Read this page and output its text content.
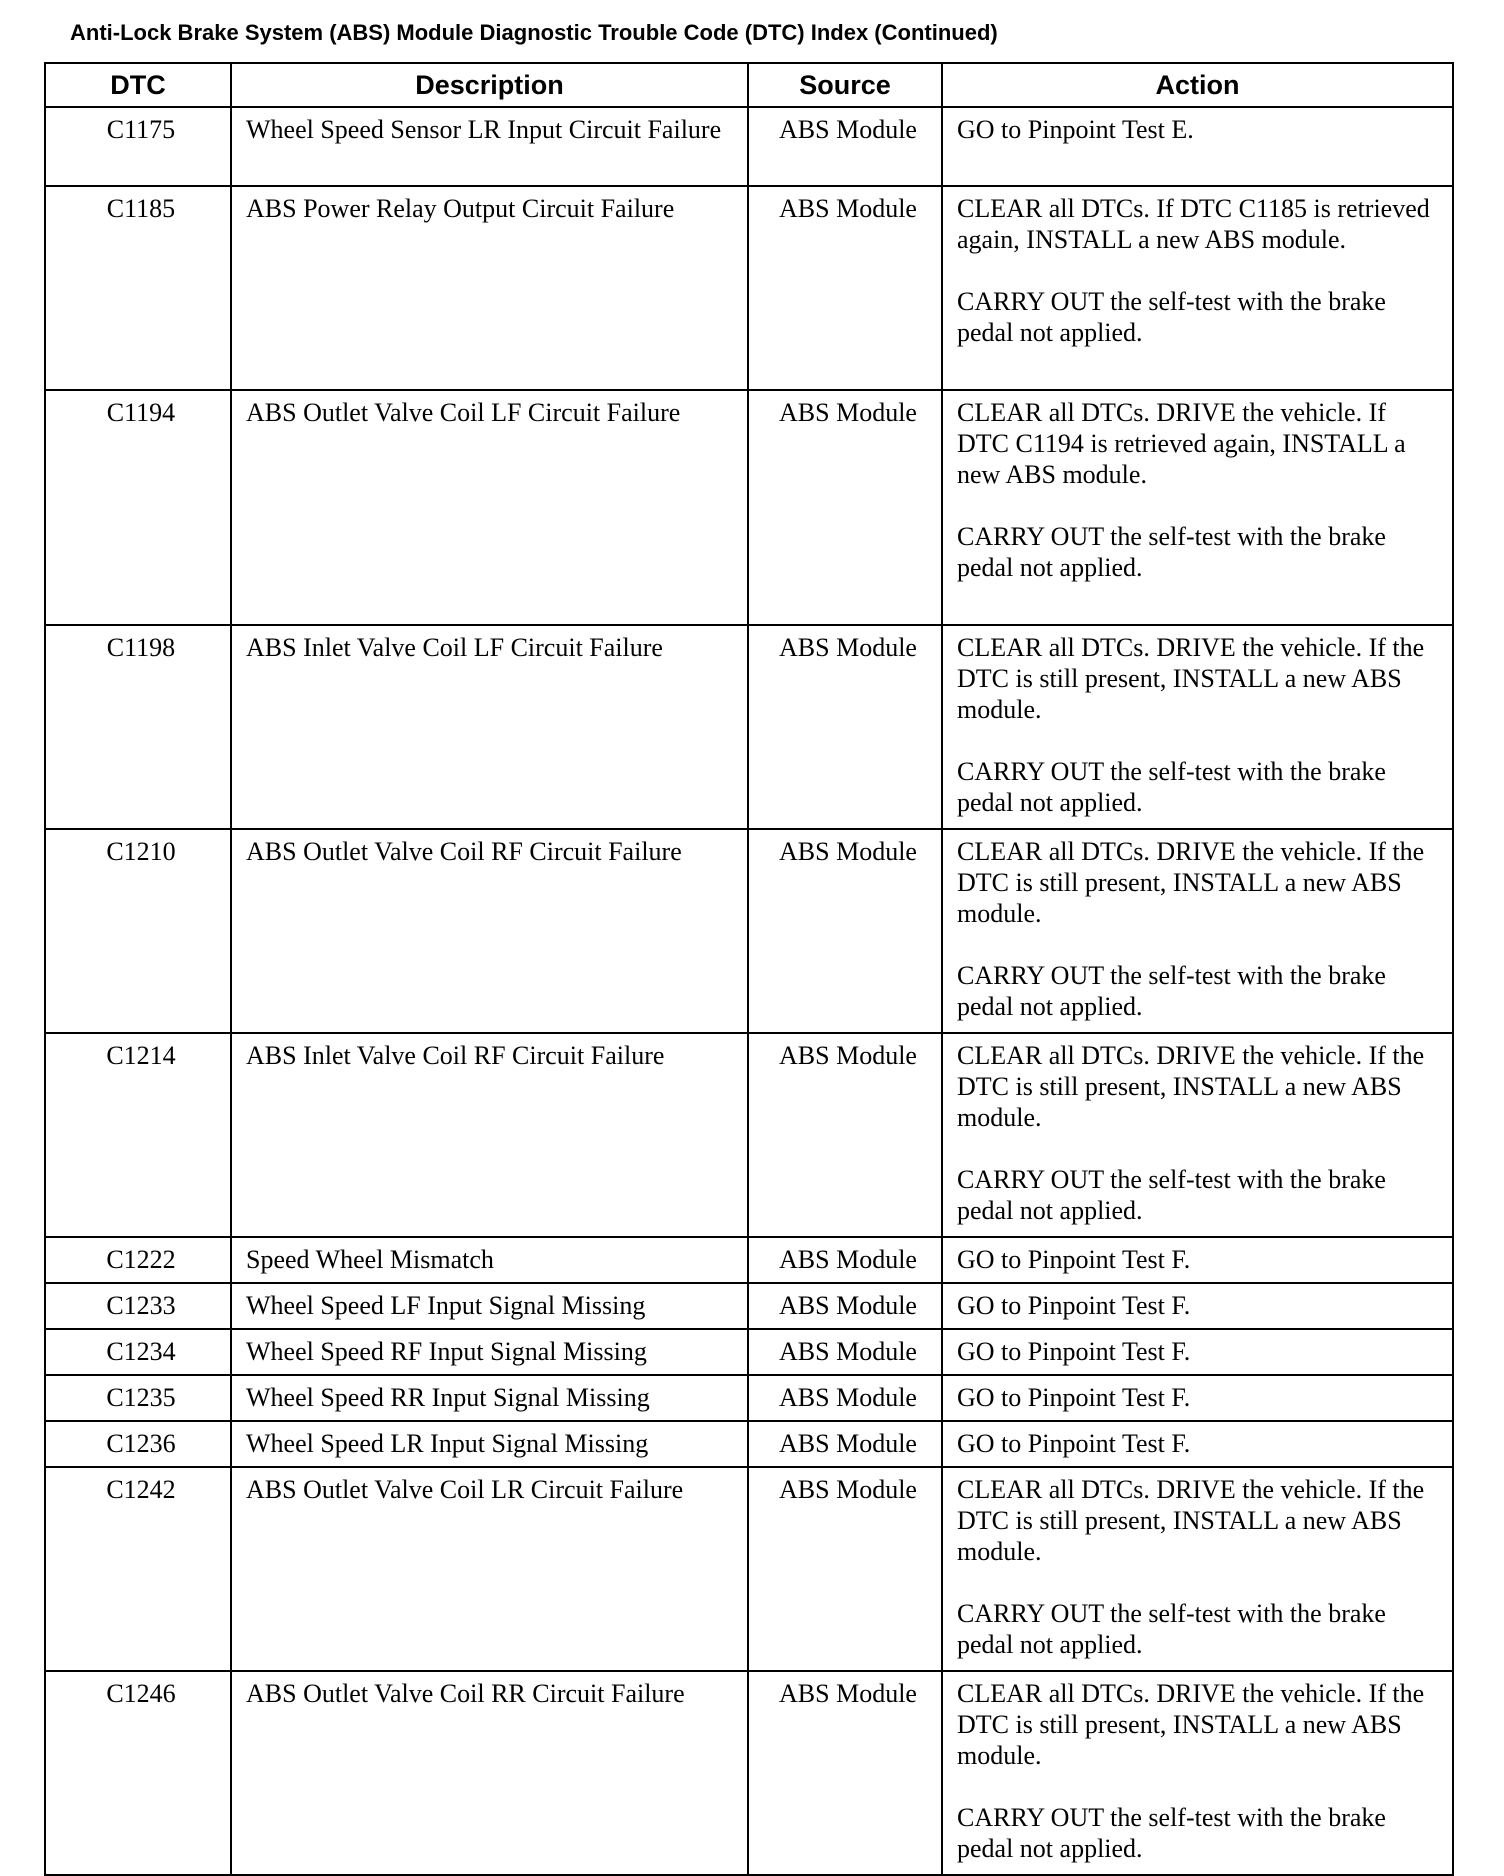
Anti-Lock Brake System (ABS) Module Diagnostic Trouble Code (DTC) Index (Continued)
DTC	Description	Source	Action
C1175	Wheel Speed Sensor LR Input Circuit Failure	ABS Module	GO to Pinpoint Test E.

C1185	ABS Power Relay Output Circuit Failure	ABS Module	CLEAR all DTCs. If DTC C1185 is retrieved again, INSTALL a new ABS module.

CARRY OUT the self-test with the brake pedal not applied.

C1194	ABS Outlet Valve Coil LF Circuit Failure	ABS Module	CLEAR all DTCs. DRIVE the vehicle. If DTC C1194 is retrieved again, INSTALL a new ABS module.

CARRY OUT the self-test with the brake pedal not applied.

C1198	ABS Inlet Valve Coil LF Circuit Failure	ABS Module	CLEAR all DTCs. DRIVE the vehicle. If the DTC is still present, INSTALL a new ABS module.

CARRY OUT the self-test with the brake pedal not applied.

C1210	ABS Outlet Valve Coil RF Circuit Failure	ABS Module	CLEAR all DTCs. DRIVE the vehicle. If the DTC is still present, INSTALL a new ABS module.

CARRY OUT the self-test with the brake pedal not applied.

C1214	ABS Inlet Valve Coil RF Circuit Failure	ABS Module	CLEAR all DTCs. DRIVE the vehicle. If the DTC is still present, INSTALL a new ABS module.

CARRY OUT the self-test with the brake pedal not applied.

C1222	Speed Wheel Mismatch	ABS Module	GO to Pinpoint Test F.

C1233	Wheel Speed LF Input Signal Missing	ABS Module	GO to Pinpoint Test F.

C1234	Wheel Speed RF Input Signal Missing	ABS Module	GO to Pinpoint Test F.

C1235	Wheel Speed RR Input Signal Missing	ABS Module	GO to Pinpoint Test F.

C1236	Wheel Speed LR Input Signal Missing	ABS Module	GO to Pinpoint Test F.

C1242	ABS Outlet Valve Coil LR Circuit Failure	ABS Module	CLEAR all DTCs. DRIVE the vehicle. If the DTC is still present, INSTALL a new ABS module.

CARRY OUT the self-test with the brake pedal not applied.

C1246	ABS Outlet Valve Coil RR Circuit Failure	ABS Module	CLEAR all DTCs. DRIVE the vehicle. If the DTC is still present, INSTALL a new ABS module.

CARRY OUT the self-test with the brake pedal not applied.
